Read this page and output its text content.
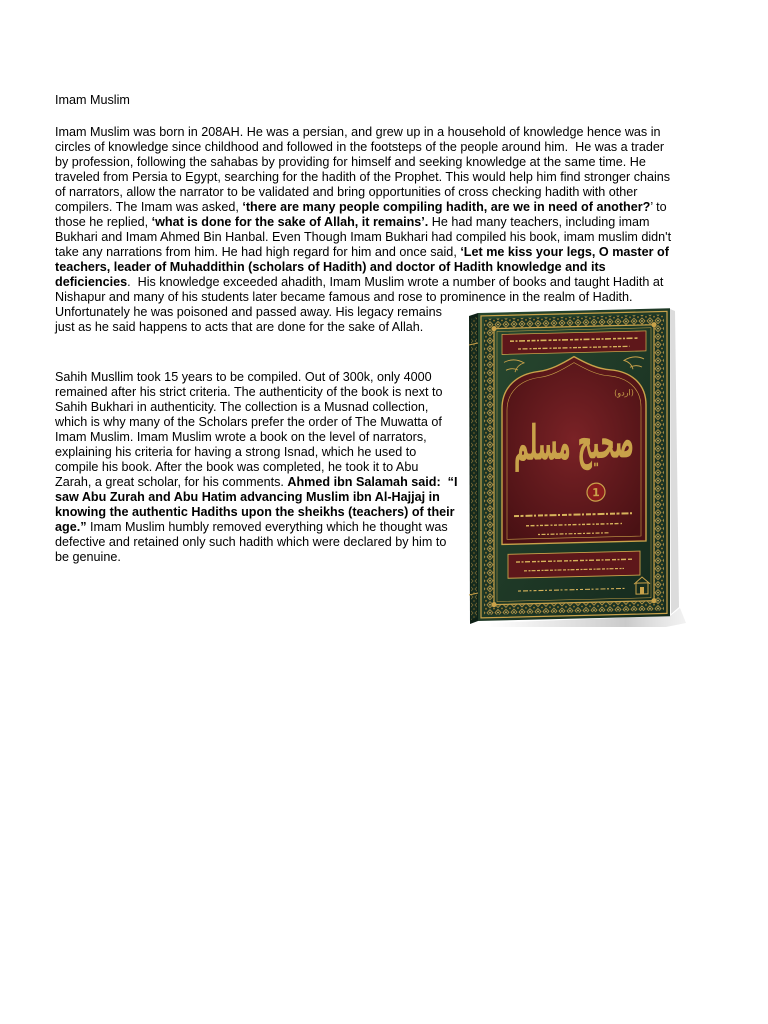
Imam Muslim
Imam Muslim was born in 208AH. He was a persian, and grew up in a household of knowledge hence was in
circles of knowledge since childhood and followed in the footsteps of the people around him.  He was a trader
by profession, following the sahabas by providing for himself and seeking knowledge at the same time. He
traveled from Persia to Egypt, searching for the hadith of the Prophet. This would help him find stronger chains
of narrators, allow the narrator to be validated and bring opportunities of cross checking hadith with other
compilers. The Imam was asked, ‘there are many people compiling hadith, are we in need of another?’ to
those he replied, ‘what is done for the sake of Allah, it remains’. He had many teachers, including imam
Bukhari and Imam Ahmed Bin Hanbal. Even Though Imam Bukhari had compiled his book, imam muslim didn't
take any narrations from him. He had high regard for him and once said, ‘Let me kiss your legs, O master of
teachers, leader of Muhaddithin (scholars of Hadith) and doctor of Hadith knowledge and its
deficiencies.  His knowledge exceeded ahadith, Imam Muslim wrote a number of books and taught Hadith at
Nishapur and many of his students later became famous and rose to prominence in the realm of Hadith.
Unfortunately he was poisoned and passed away. His legacy remains
just as he said happens to acts that are done for the sake of Allah.
Sahih Musllim took 15 years to be compiled. Out of 300k, only 4000
remained after his strict criteria. The authenticity of the book is next to
Sahih Bukhari in authenticity. The collection is a Musnad collection,
which is why many of the Scholars prefer the order of The Muwatta of
Imam Muslim. Imam Muslim wrote a book on the level of narrators,
explaining his criteria for having a strong Isnad, which he used to
compile his book. After the book was completed, he took it to Abu
Zarah, a great scholar, for his comments. Ahmed ibn Salamah said:  “I
saw Abu Zurah and Abu Hatim advancing Muslim ibn Al-Hajjaj in
knowing the authentic Hadiths upon the sheikhs (teachers) of their
age.” Imam Muslim humbly removed everything which he thought was
defective and retained only such hadith which were declared by him to
be genuine.
(اردو)
صحیح مسلم
1
